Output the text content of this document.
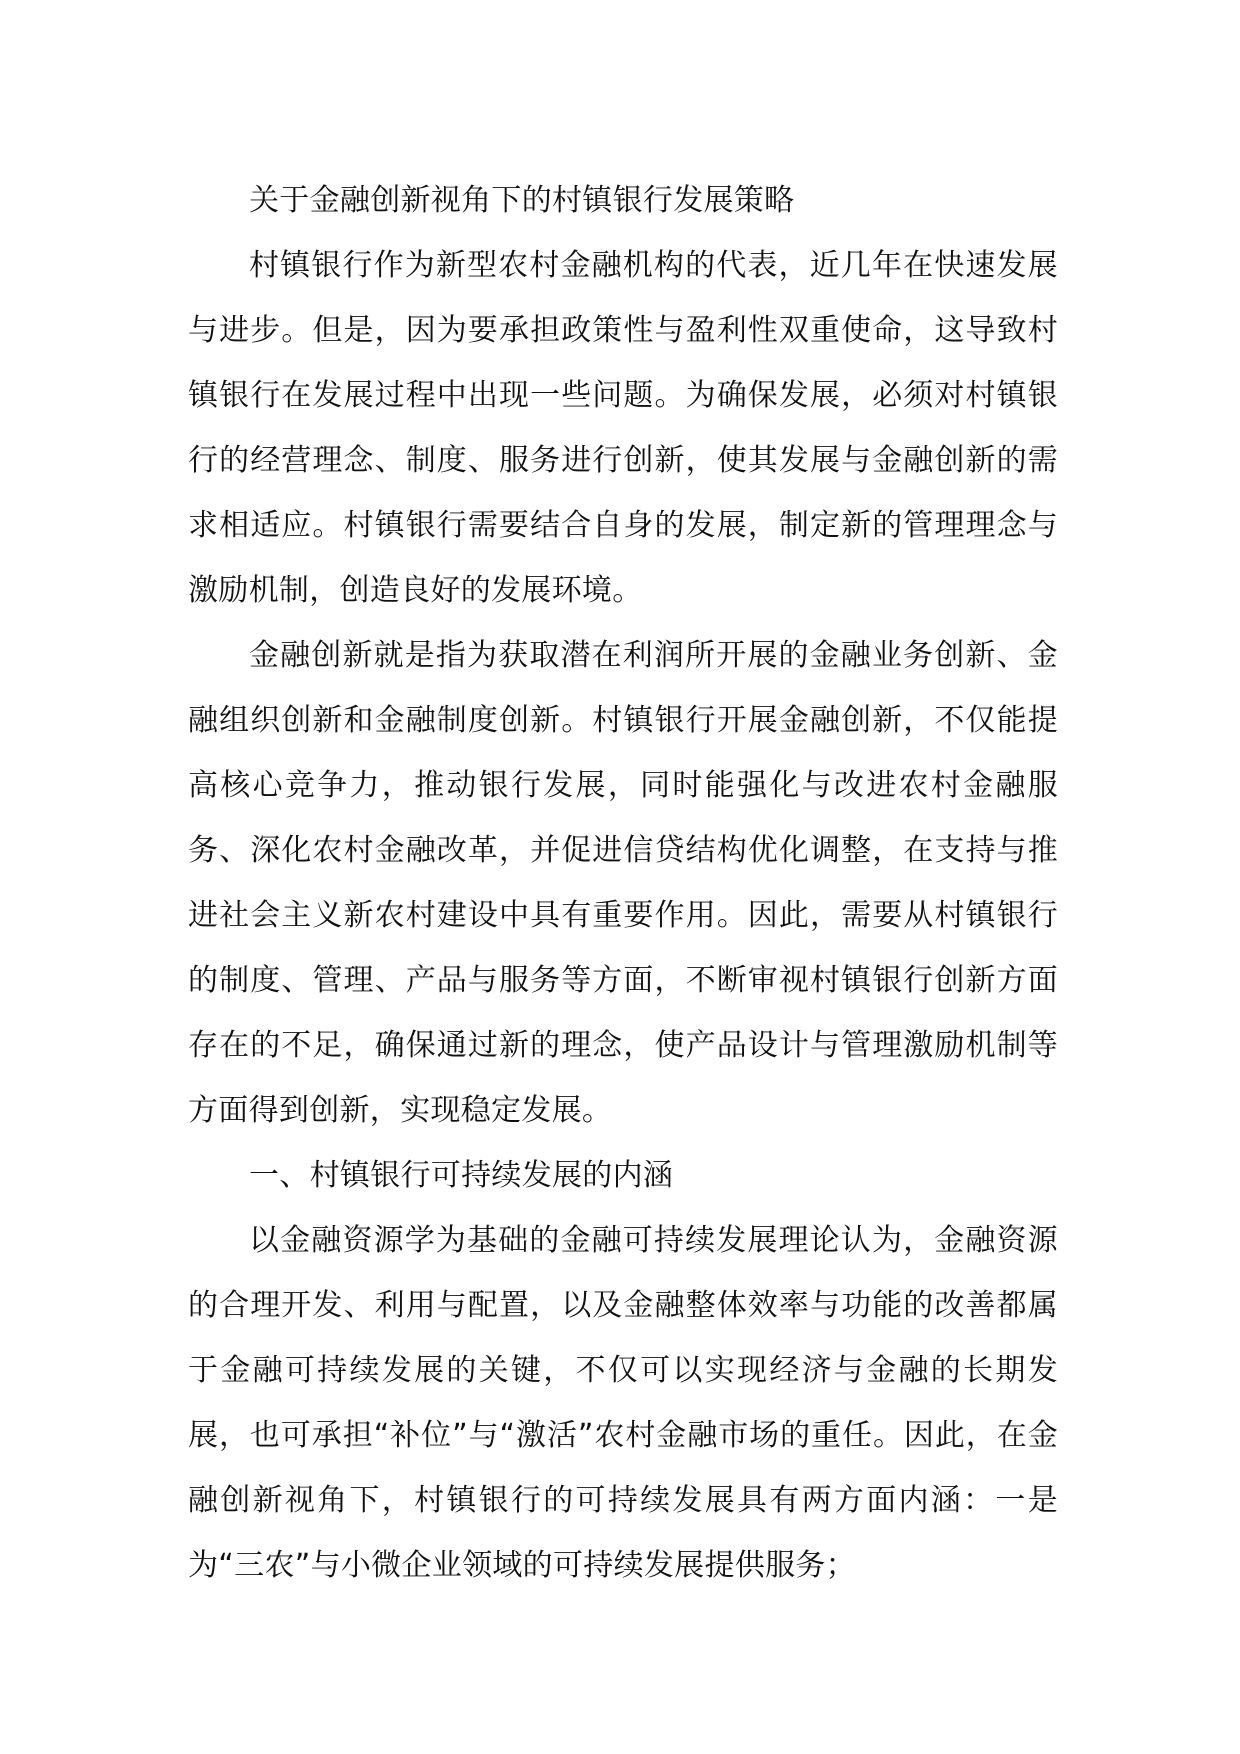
关于金融创新视角下的村镇银行发展策略

村镇银行作为新型农村金融机构的代表，近几年在快速发展与进步。但是，因为要承担政策性与盈利性双重使命，这导致村镇银行在发展过程中出现一些问题。为确保发展，必须对村镇银行的经营理念、制度、服务进行创新，使其发展与金融创新的需求相适应。村镇银行需要结合自身的发展，制定新的管理理念与激励机制，创造良好的发展环境。

金融创新就是指为获取潜在利润所开展的金融业务创新、金融组织创新和金融制度创新。村镇银行开展金融创新，不仅能提高核心竞争力，推动银行发展，同时能强化与改进农村金融服务、深化农村金融改革，并促进信贷结构优化调整，在支持与推进社会主义新农村建设中具有重要作用。因此，需要从村镇银行的制度、管理、产品与服务等方面，不断审视村镇银行创新方面存在的不足，确保通过新的理念，使产品设计与管理激励机制等方面得到创新，实现稳定发展。

一、村镇银行可持续发展的内涵

以金融资源学为基础的金融可持续发展理论认为，金融资源的合理开发、利用与配置，以及金融整体效率与功能的改善都属于金融可持续发展的关键，不仅可以实现经济与金融的长期发展，也可承担“补位”与“激活”农村金融市场的重任。因此，在金融创新视角下，村镇银行的可持续发展具有两方面内涵：一是为“三农”与小微企业领域的可持续发展提供服务；
